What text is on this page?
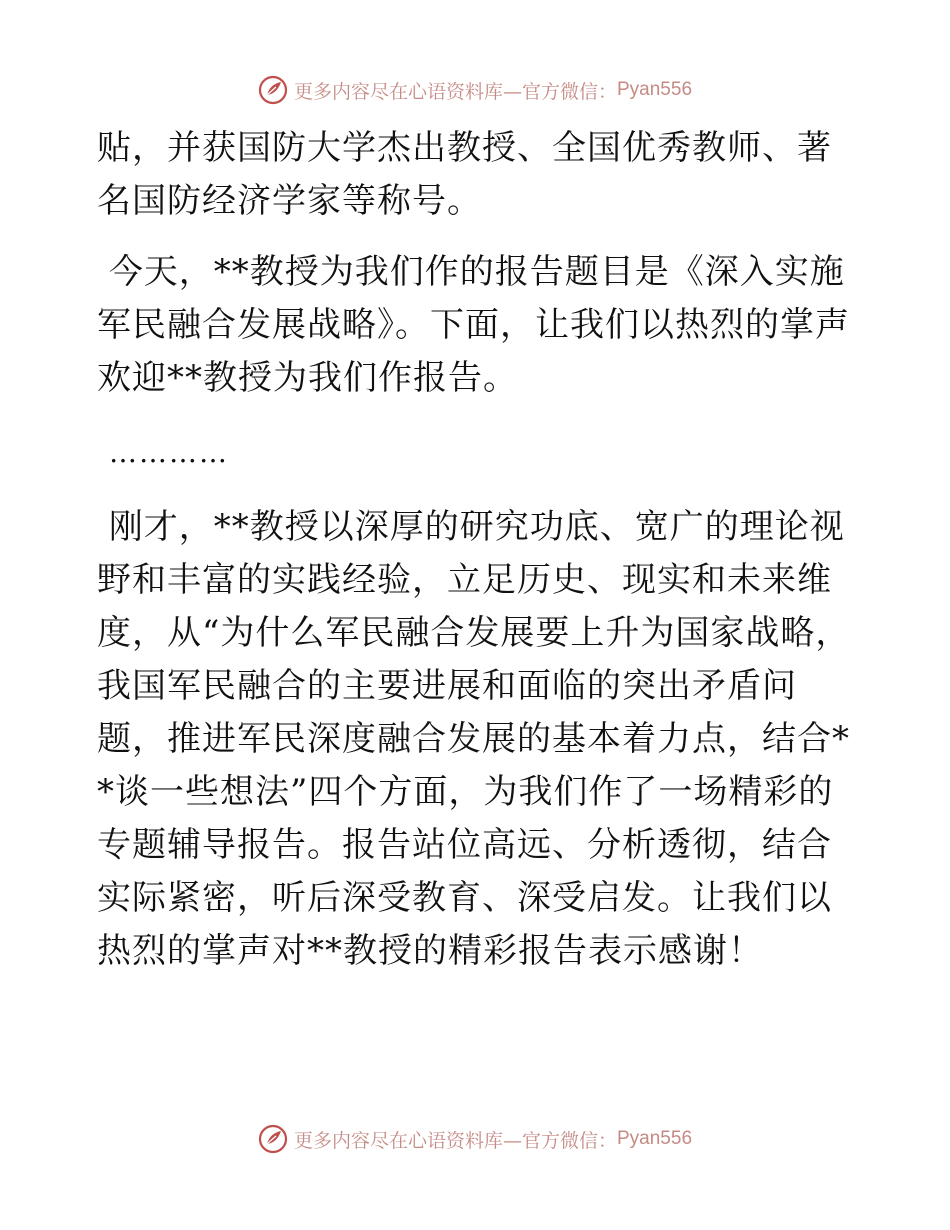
更多内容尽在心语资料库—官方微信： Pyan556

贴，并获国防大学杰出教授、全国优秀教师、著名国防经济学家等称号。

今天，**教授为我们作的报告题目是《深入实施军民融合发展战略》。下面，让我们以热烈的掌声欢迎**教授为我们作报告。

…………

刚才，**教授以深厚的研究功底、宽广的理论视野和丰富的实践经验，立足历史、现实和未来维度，从“为什么军民融合发展要上升为国家战略，我国军民融合的主要进展和面临的突出矛盾问题，推进军民深度融合发展的基本着力点，结合**谈一些想法”四个方面，为我们作了一场精彩的专题辅导报告。报告站位高远、分析透彻，结合实际紧密，听后深受教育、深受启发。让我们以热烈的掌声对**教授的精彩报告表示感谢！

更多内容尽在心语资料库—官方微信： Pyan556
